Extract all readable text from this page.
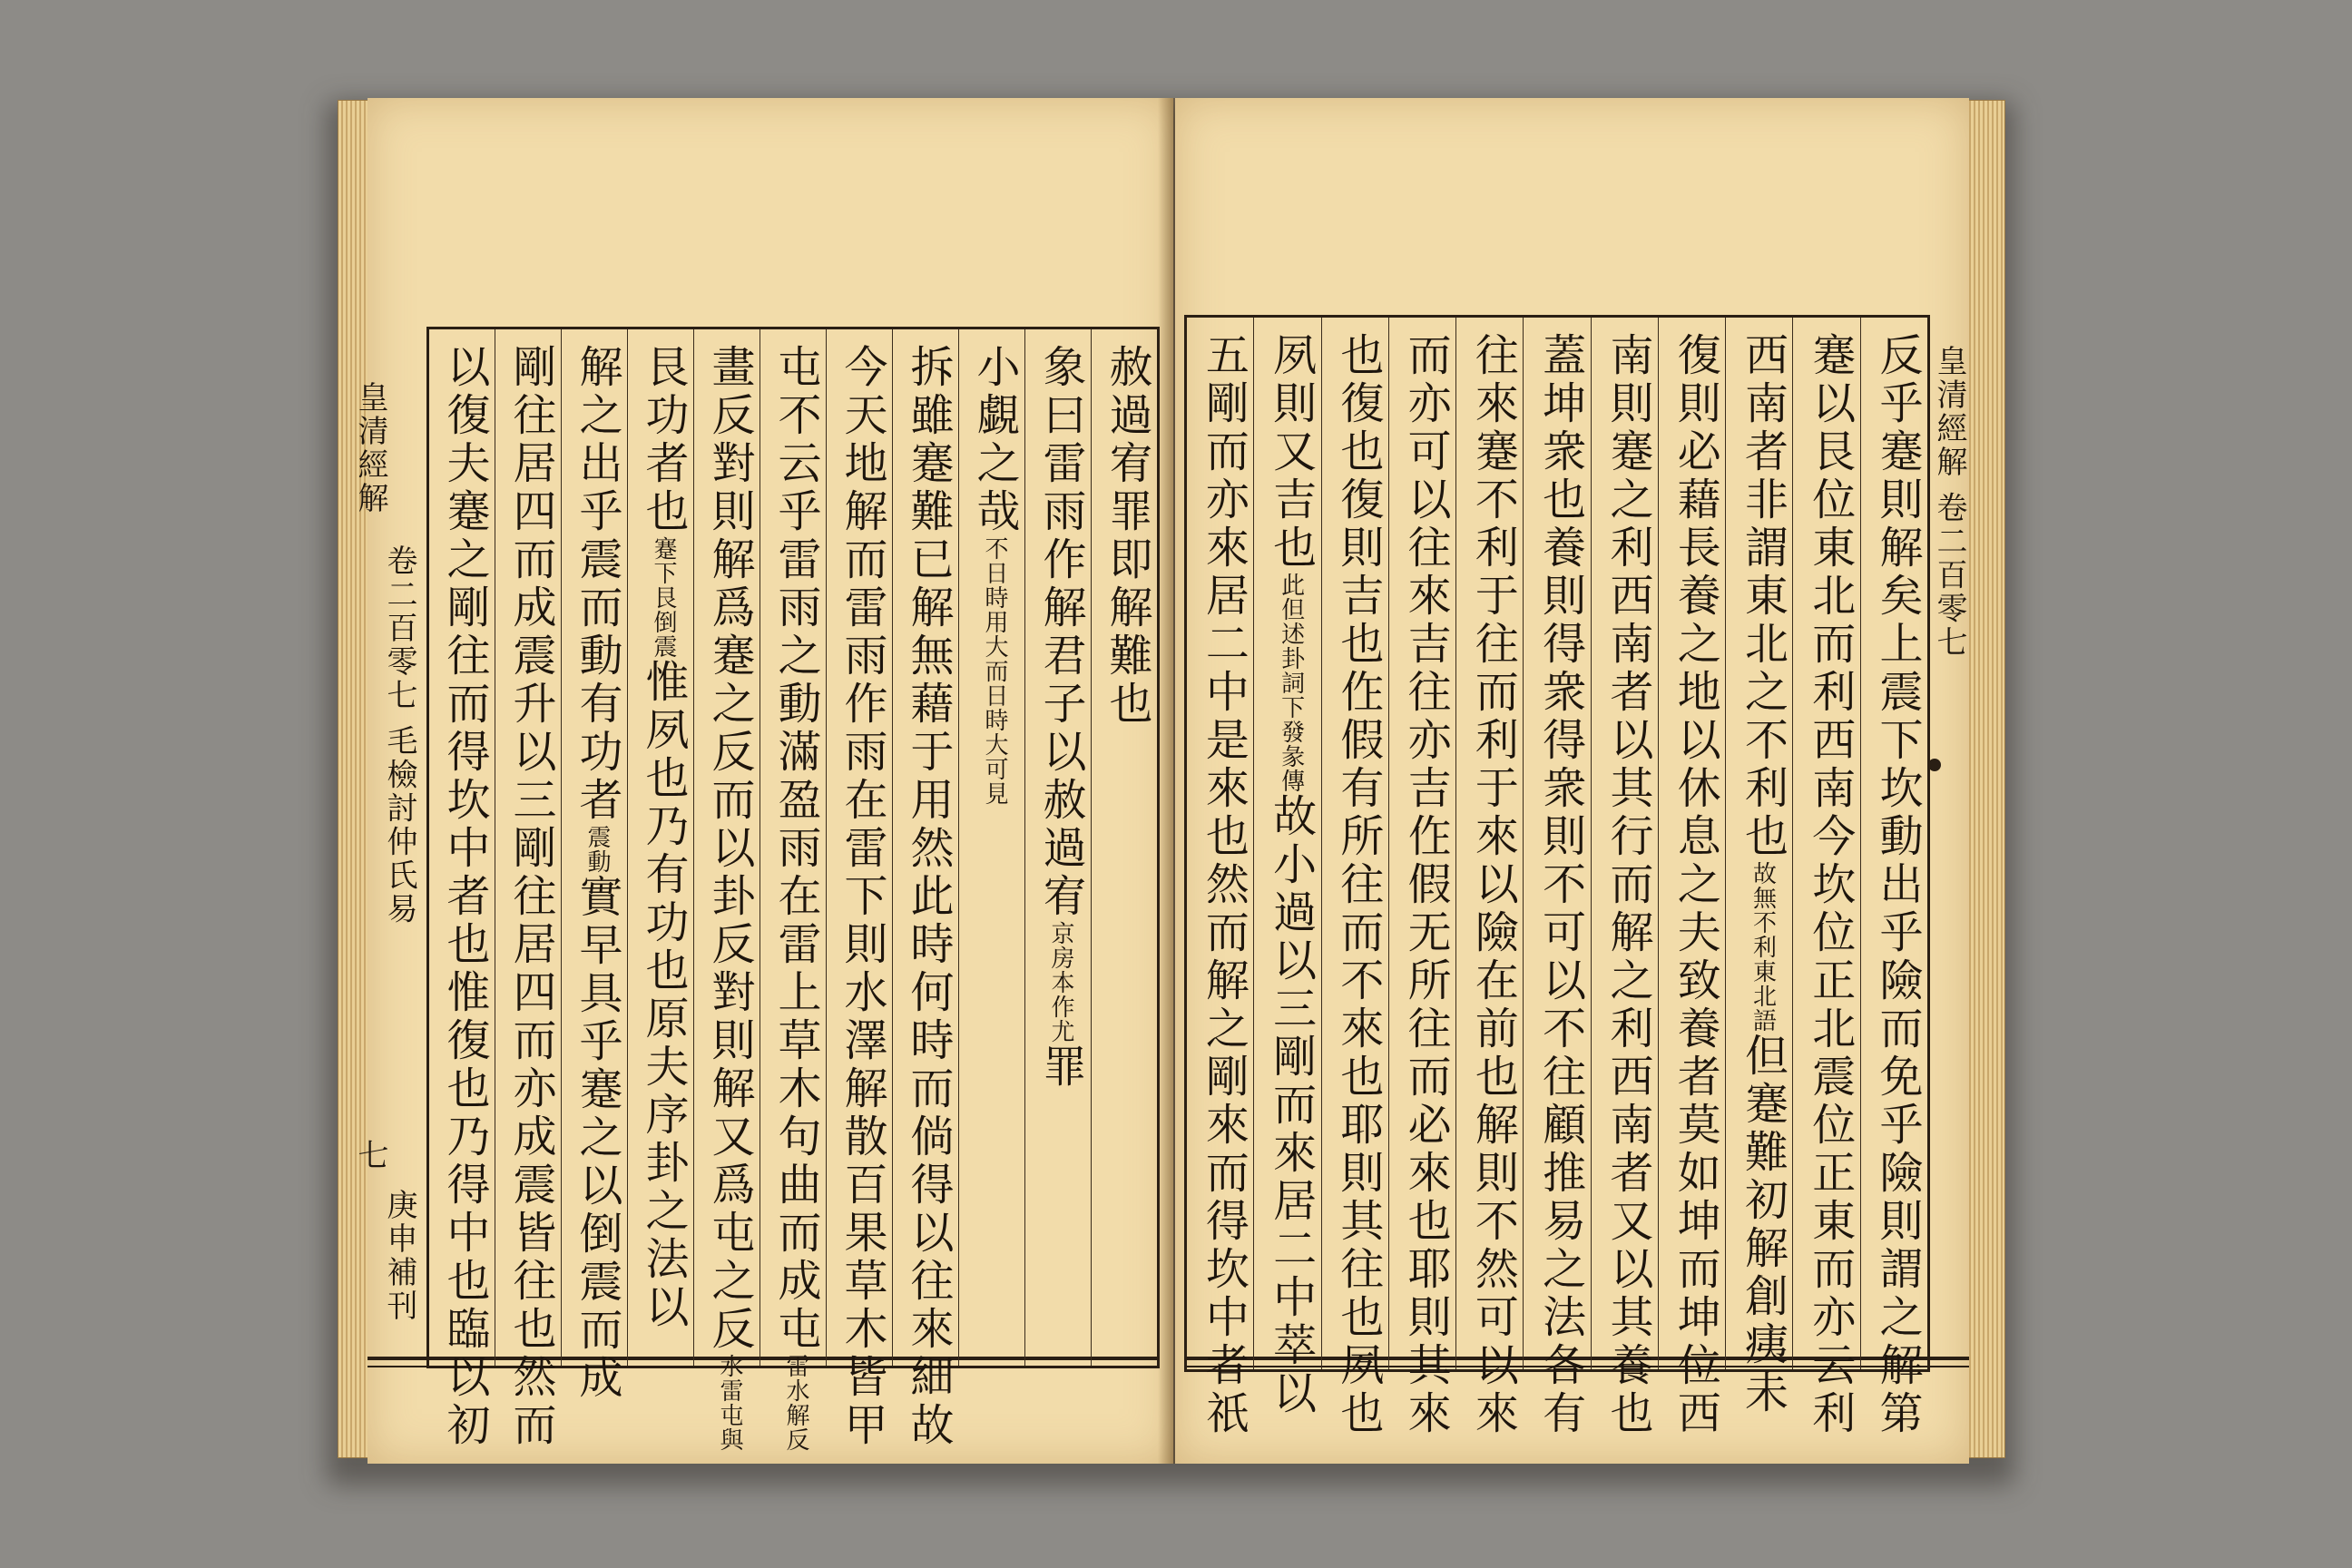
皇清經解
卷二百零七 毛檢討仲氏易
七
庚申補刊 以復夫蹇之剛往而得坎中者也惟復也乃得中也臨以初 剛往居四而成震升以三剛往居四而亦成震皆往也然而 解之出乎震而動有功者震動實早具乎蹇之以倒震而成
艮功者也蹇下艮倒震惟夙也乃有功也原夫序卦之法以 畫反對則解爲蹇之反而以卦反對則解又爲屯之反水雷屯與
屯不云乎雷雨之動滿盈雨在雷上草木句曲而成屯雷水解反 今天地解而雷雨作雨在雷下則水澤解散百果草木皆甲 拆雖蹇難已解無藉于用然此時何時而倘得以往來細故 小覷之哉不日時用大而日時大可見 象曰雷雨作解君子以赦過宥京房本作尤罪
赦過宥罪即解難也	皇清經解 卷二百零七
反乎蹇則解矣上震下坎動出乎險而免乎險則謂之解第
蹇以艮位東北而利西南今坎位正北震位正東而亦云利
西南者非謂東北之不利也故無不利東北語但蹇難初解創痍未
復則必藉長養之地以休息之夫致養者莫如坤而坤位西
南則蹇之利西南者以其行而解之利西南者又以其養也
蓋坤衆也養則得衆得衆則不可以不往顧推易之法各有
往來蹇不利于往而利于來以險在前也解則不然可以來
而亦可以往來吉往亦吉㑅假无所往而必來也耶則其來
也復也復則吉也㑅假有所往而不來也耶則其往也夙也
夙則又吉也此但述卦詞下發彖傳故小過以三剛而來居二中萃以
五剛而亦來居二中是來也然而解之剛來而得坎中者祇
